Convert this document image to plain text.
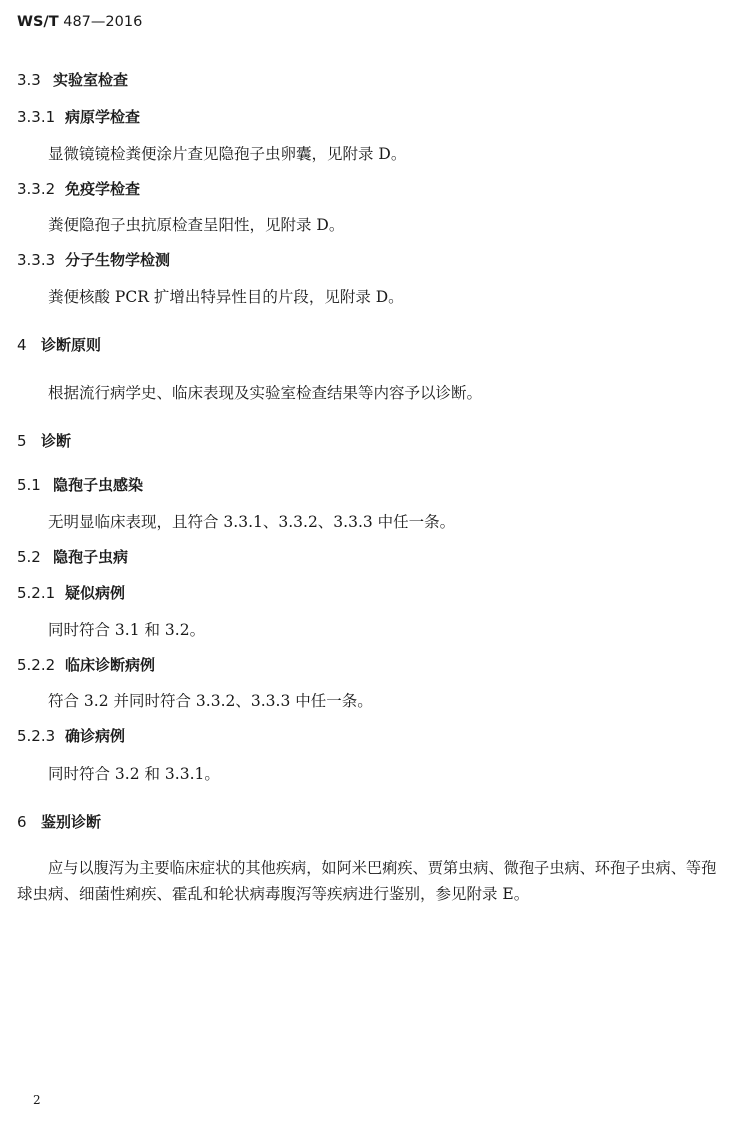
WS/T 487—2016
3.3 实验室检查
3.3.1 病原学检查
显微镜镜检粪便涂片查见隐孢子虫卵囊，见附录 D。
3.3.2 免疫学检查
粪便隐孢子虫抗原检查呈阳性，见附录 D。
3.3.3 分子生物学检测
粪便核酸 PCR 扩增出特异性目的片段，见附录 D。
4 诊断原则
根据流行病学史、临床表现及实验室检查结果等内容予以诊断。
5 诊断
5.1 隐孢子虫感染
无明显临床表现，且符合 3.3.1、3.3.2、3.3.3 中任一条。
5.2 隐孢子虫病
5.2.1 疑似病例
同时符合 3.1 和 3.2。
5.2.2 临床诊断病例
符合 3.2 并同时符合 3.3.2、3.3.3 中任一条。
5.2.3 确诊病例
同时符合 3.2 和 3.3.1。
6 鉴别诊断
应与以腹泻为主要临床症状的其他疾病，如阿米巴痢疾、贾第虫病、微孢子虫病、环孢子虫病、等孢
球虫病、细菌性痢疾、霍乱和轮状病毒腹泻等疾病进行鉴别，参见附录 E。
2
